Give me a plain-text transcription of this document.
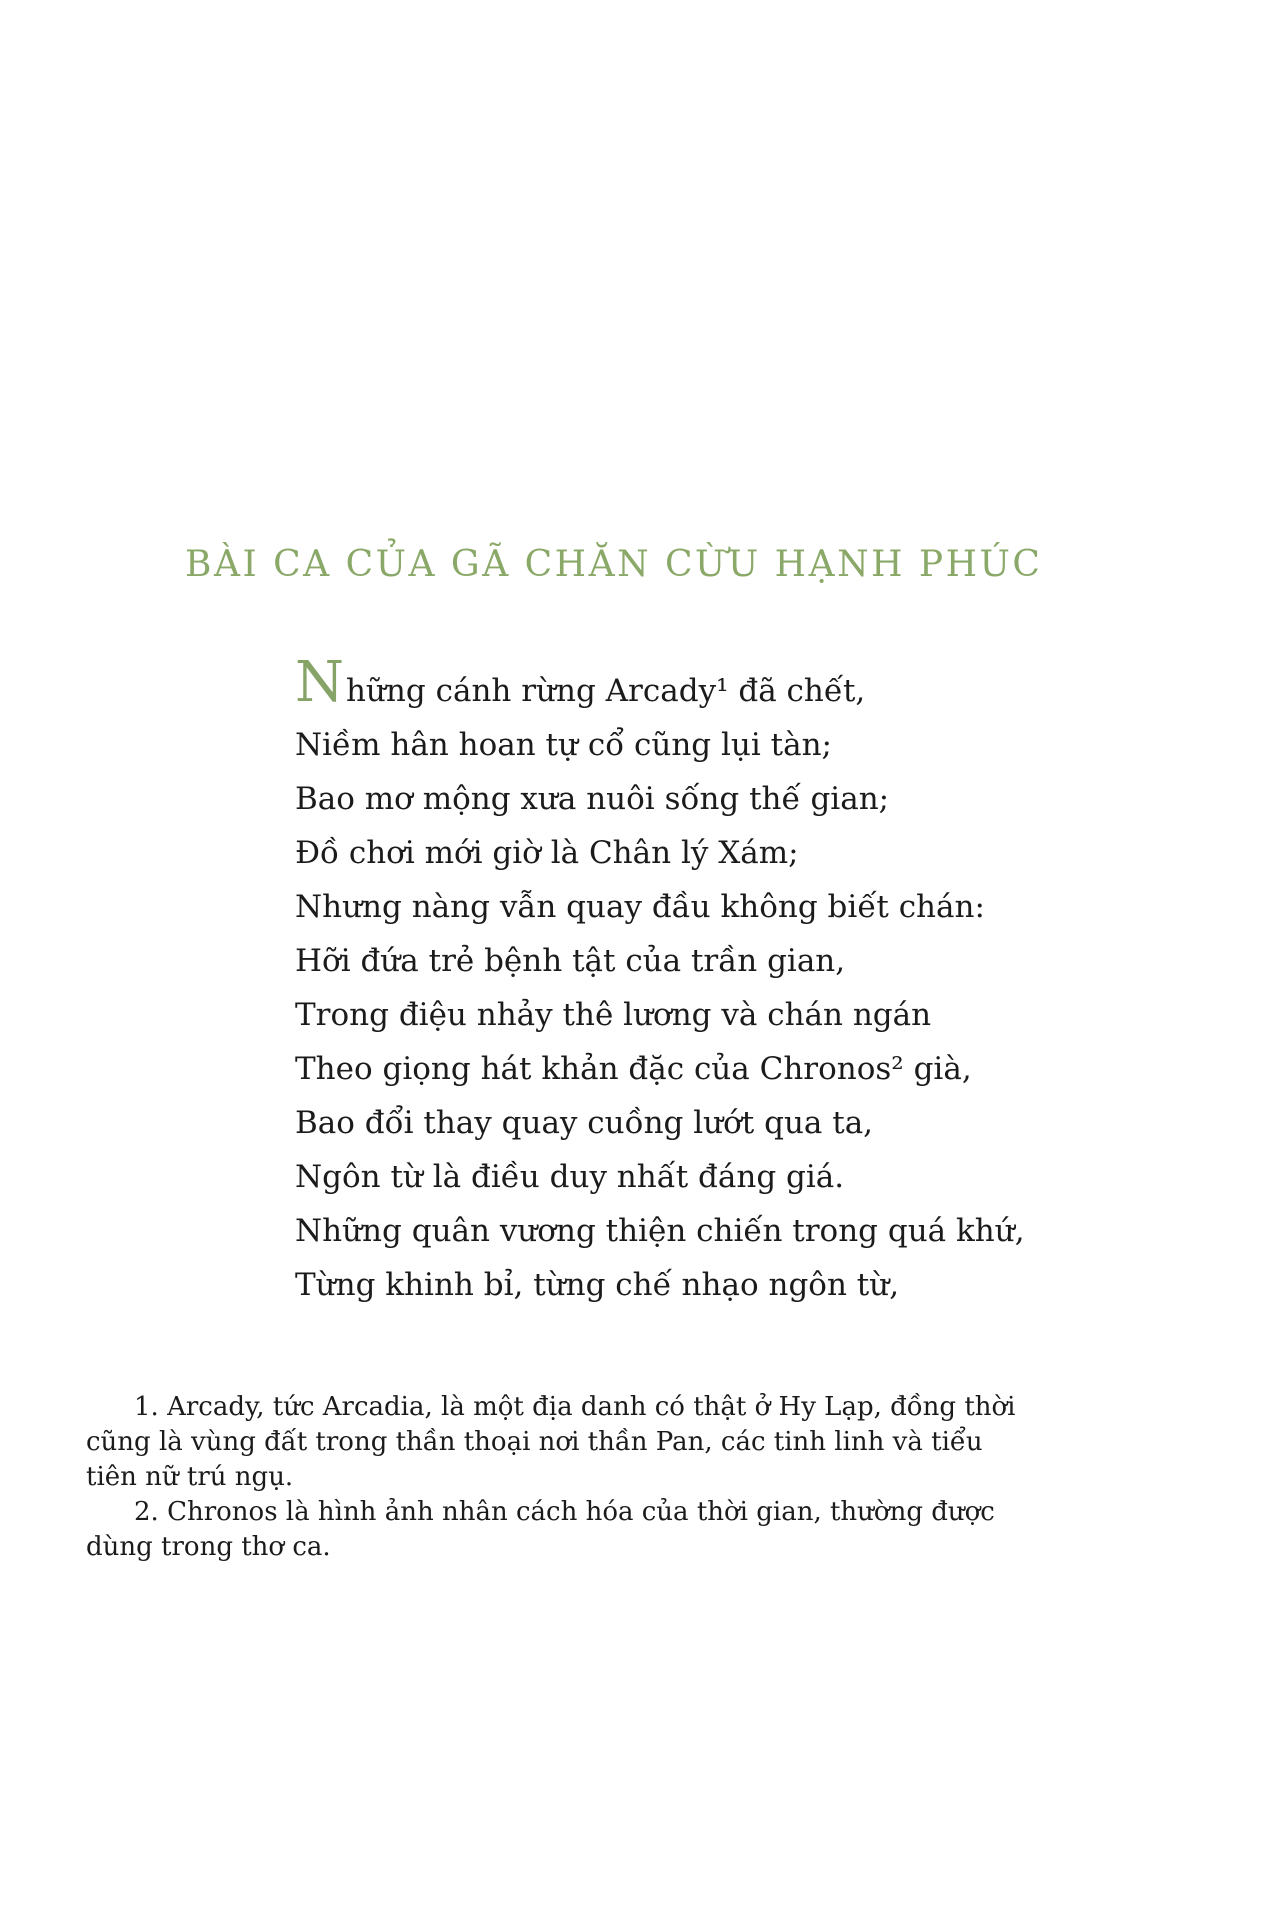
BÀI CA CỦA GÃ CHĂN CỪU HẠNH PHÚC
Những cánh rừng Arcady¹ đã chết,
Niềm hân hoan tự cổ cũng lụi tàn;
Bao mơ mộng xưa nuôi sống thế gian;
Đồ chơi mới giờ là Chân lý Xám;
Nhưng nàng vẫn quay đầu không biết chán:
Hỡi đứa trẻ bệnh tật của trần gian,
Trong điệu nhảy thê lương và chán ngán
Theo giọng hát khản đặc của Chronos² già,
Bao đổi thay quay cuồng lướt qua ta,
Ngôn từ là điều duy nhất đáng giá.
Những quân vương thiện chiến trong quá khứ,
Từng khinh bỉ, từng chế nhạo ngôn từ,

1. Arcady, tức Arcadia, là một địa danh có thật ở Hy Lạp, đồng thời cũng là vùng đất trong thần thoại nơi thần Pan, các tinh linh và tiểu tiên nữ trú ngụ.

2. Chronos là hình ảnh nhân cách hóa của thời gian, thường được dùng trong thơ ca.
